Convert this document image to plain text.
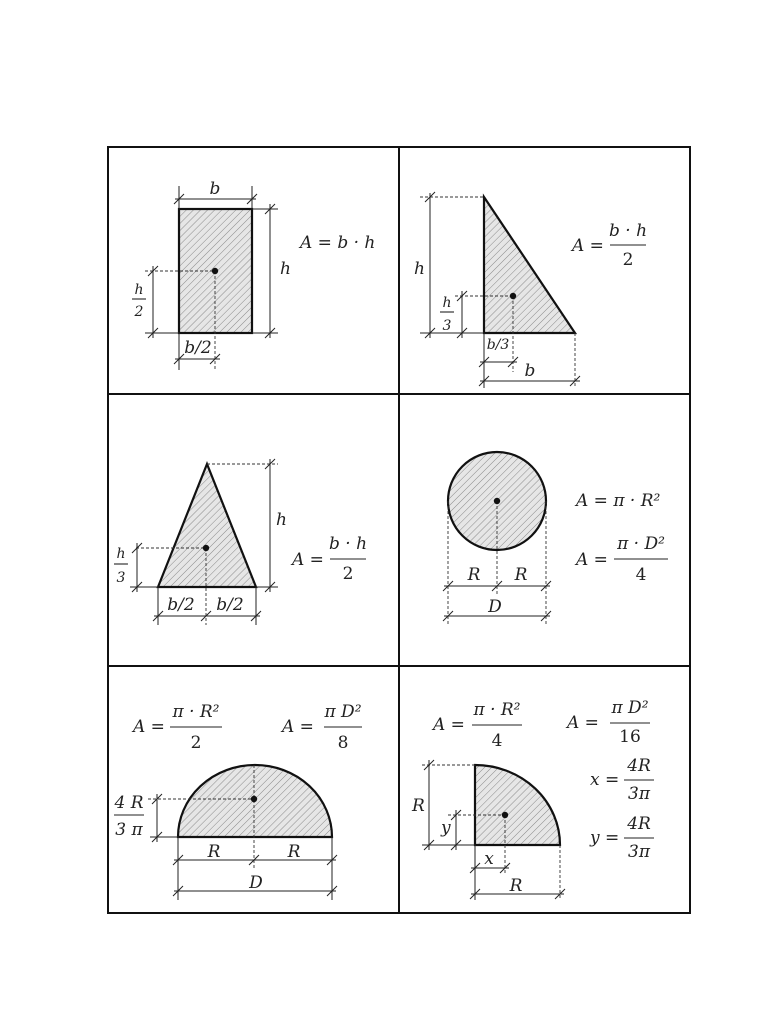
b
h
h
2
b/2
A = b · h
h
h
3
b/3
b
A =
b · h
2
h
h
3
b/2 b/2
A =
b · h
2	R R
D
A = π · R²
A =
π · D²
4
A =
π · R²
2
A =
π D²
8
4 R
3 π
R	R
D
A =
π · R²
4
A =
π D²
16
x =
4R
3π
y =
4R
3π
R
y
x
R
